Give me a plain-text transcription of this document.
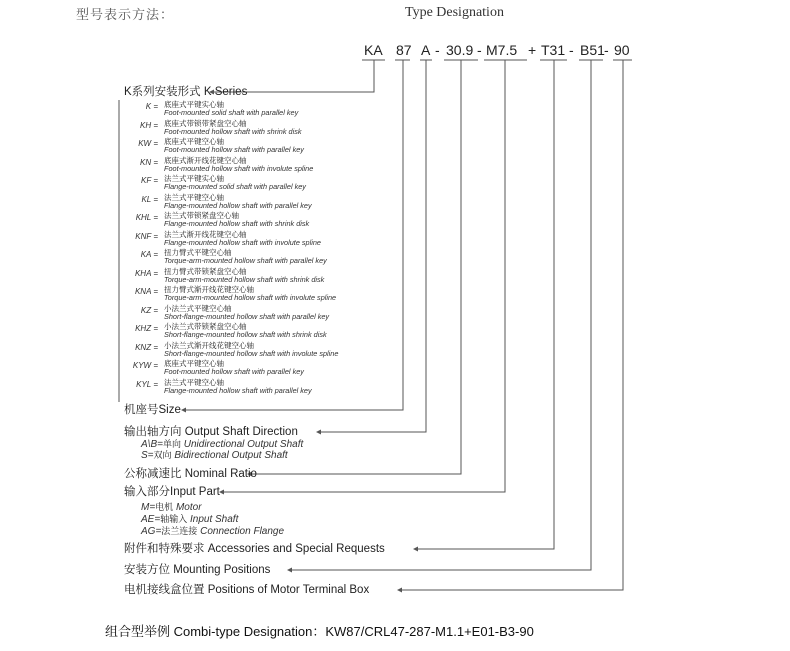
型号表示方法：	Type Designation
KA 87 A - 30.9 - M7.5 + T31 - B51 - 90
K系列安装形式 K Series
K = 底座式平键实心轴
Foot-mounted solid shaft with parallel key
KH = 底座式带锁带紧盘空心轴
Foot-mounted hollow shaft with shrink disk
KW = 底座式平键空心轴
Foot-mounted hollow shaft with parallel key
KN = 底座式渐开线花键空心轴
Foot-mounted hollow shaft with involute spline
KF = 法兰式平键实心轴
Flange-mounted solid shaft with parallel key
KL = 法兰式平键空心轴
Flange-mounted hollow shaft with parallel key
KHL = 法兰式带锁紧盘空心轴
Flange-mounted hollow shaft with shrink disk
KNF = 法兰式渐开线花键空心轴
Flange-mounted hollow shaft with involute spline
KA = 扭力臂式平键空心轴
Torque-arm-mounted hollow shaft with parallel key
KHA = 扭力臂式带锁紧盘空心轴
Torque-arm-mounted hollow shaft with shrink disk
KNA = 扭力臂式渐开线花键空心轴
Torque-arm-mounted hollow shaft with involute spline
KZ = 小法兰式平键空心轴
Short-flange-mounted hollow shaft with parallel key
KHZ = 小法兰式带锁紧盘空心轴
Short-flange-mounted hollow shaft with shrink disk
KNZ = 小法兰式渐开线花键空心轴
Short-flange-mounted hollow shaft with involute spline
KYW = 底座式平键空心轴
Foot-mounted hollow shaft with parallel key
KYL = 法兰式平键空心轴
Flange-mounted hollow shaft with parallel key
机座号Size
输出轴方向 Output Shaft Direction
A\B=单向 Unidirectional Output Shaft
S=双向 Bidirectional Output Shaft
公称减速比 Nominal Ratio
输入部分Input Part
M=电机 Motor
AE=轴输入 Input Shaft
AG=法兰连接 Connection Flange
附件和特殊要求 Accessories and Special Requests
安装方位 Mounting Positions
电机接线盒位置 Positions of Motor Terminal Box
组合型举例 Combi-type Designation：KW87/CRL47-287-M1.1+E01-B3-90
